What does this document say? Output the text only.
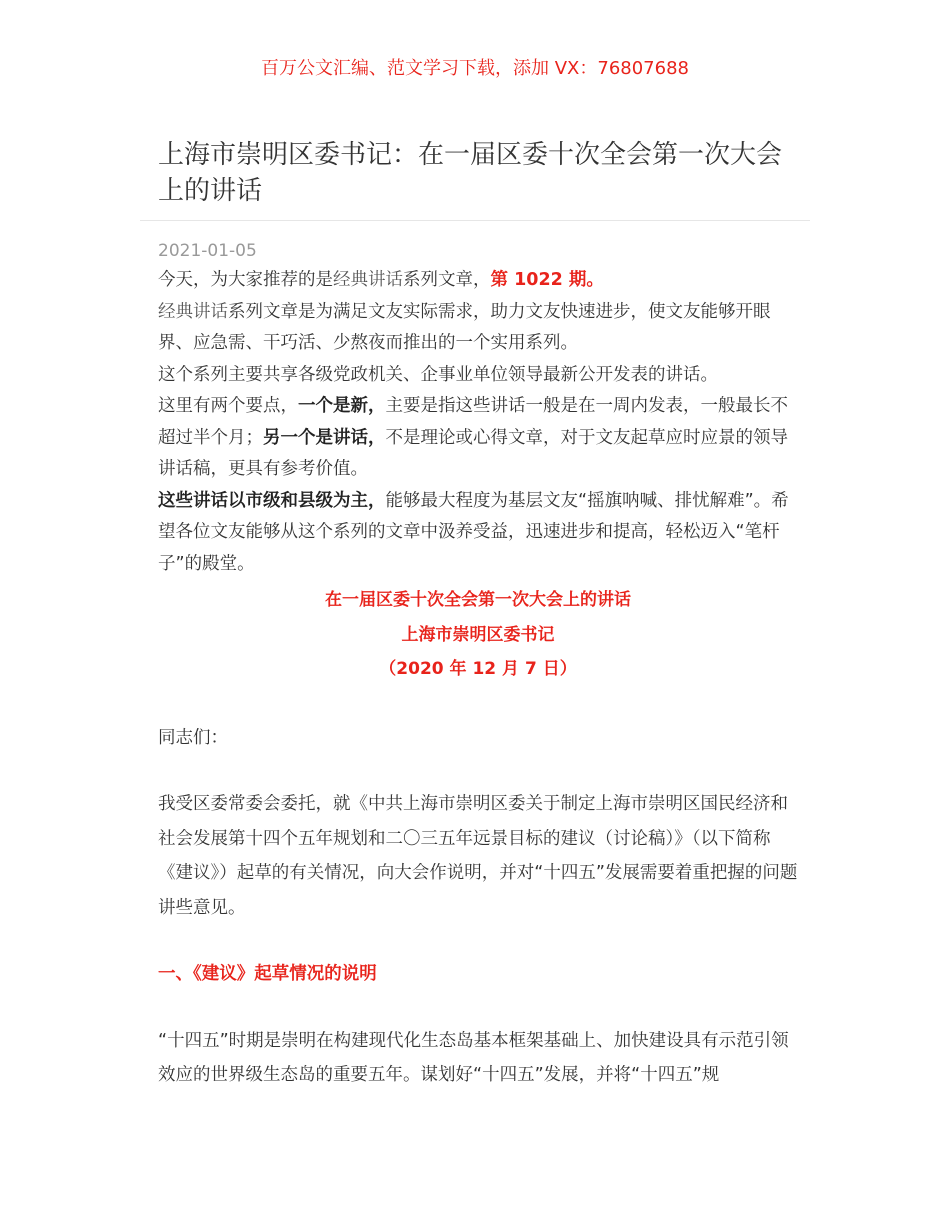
百万公文汇编、范文学习下载，添加 VX：76807688
上海市崇明区委书记：在一届区委十次全会第一次大会上的讲话
2021-01-05

今天，为大家推荐的是经典讲话系列文章，第 1022 期。

经典讲话系列文章是为满足文友实际需求，助力文友快速进步，使文友能够开眼界、应急需、干巧活、少熬夜而推出的一个实用系列。

这个系列主要共享各级党政机关、企事业单位领导最新公开发表的讲话。

这里有两个要点，一个是新，主要是指这些讲话一般是在一周内发表，一般最长不超过半个月；另一个是讲话，不是理论或心得文章，对于文友起草应时应景的领导讲话稿，更具有参考价值。

这些讲话以市级和县级为主，能够最大程度为基层文友“摇旗呐喊、排忧解难”。希望各位文友能够从这个系列的文章中汲养受益，迅速进步和提高，轻松迈入“笔杆子”的殿堂。

在一届区委十次全会第一次大会上的讲话

上海市崇明区委书记

（2020 年 12 月 7 日）

同志们：

我受区委常委会委托，就《中共上海市崇明区委关于制定上海市崇明区国民经济和社会发展第十四个五年规划和二〇三五年远景目标的建议（讨论稿）》（以下简称《建议》）起草的有关情况，向大会作说明，并对“十四五”发展需要着重把握的问题讲些意见。

一、《建议》起草情况的说明

“十四五”时期是崇明在构建现代化生态岛基本框架基础上、加快建设具有示范引领效应的世界级生态岛的重要五年。谋划好“十四五”发展，并将“十四五”规
